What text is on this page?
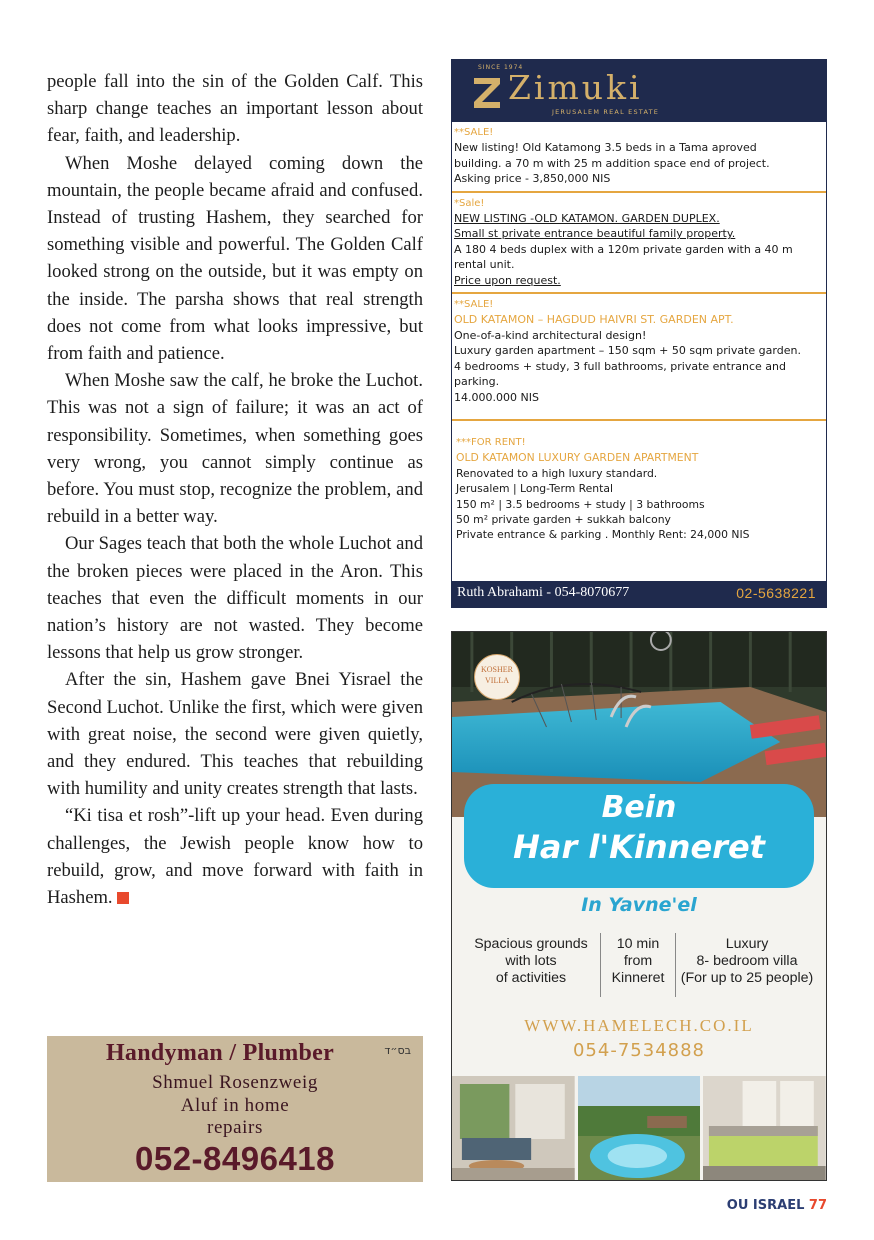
people fall into the sin of the Golden Calf. This sharp change teaches an important lesson about fear, faith, and leadership.

When Moshe delayed coming down the mountain, the people became afraid and confused. Instead of trusting Hashem, they searched for something visible and powerful. The Golden Calf looked strong on the outside, but it was empty on the inside. The parsha shows that real strength does not come from what looks impressive, but from faith and patience.

When Moshe saw the calf, he broke the Luchot. This was not a sign of failure; it was an act of responsibility. Sometimes, when something goes very wrong, you cannot simply continue as before. You must stop, recognize the problem, and rebuild in a better way.

Our Sages teach that both the whole Luchot and the broken pieces were placed in the Aron. This teaches that even the difficult moments in our nation’s history are not wasted. They become lessons that help us grow stronger.

After the sin, Hashem gave Bnei Yisrael the Second Luchot. Unlike the first, which were given with great noise, the second were given quietly, and they endured. This teaches that rebuilding with humility and unity creates strength that lasts.

“Ki tisa et rosh”-lift up your head. Even during challenges, the Jewish people know how to rebuild, grow, and move forward with faith in Hashem.

Handyman / Plumber	בס״ד
Shmuel Rosenzweig
Aluf in home
repairs
052-8496418
SINCE 1974
Zimuki
JERUSALEM REAL ESTATE
**SALE!
New listing! Old Katamong 3.5 beds in a Tama aproved
building. a 70 m with 25 m addition space end of project.
Asking price - 3,850,000 NIS
*Sale!
NEW LISTING -OLD KATAMON. GARDEN DUPLEX.
Small st private entrance beautiful family property.
A 180 4 beds duplex with a 120m private garden with a 40 m
rental unit.
Price upon request.
**SALE!
OLD KATAMON – HAGDUD HAIVRI ST. GARDEN APT.
One-of-a-kind architectural design!
Luxury garden apartment – 150 sqm + 50 sqm private garden.
4 bedrooms + study, 3 full bathrooms, private entrance and
parking.
14.000.000 NIS
***FOR RENT!
OLD KATAMON LUXURY GARDEN APARTMENT
Renovated to a high luxury standard.
Jerusalem | Long-Term Rental
150 m² | 3.5 bedrooms + study | 3 bathrooms
50 m² private garden + sukkah balcony
Private entrance & parking . Monthly Rent: 24,000 NIS
Ruth Abrahami - 054-8070677	02-5638221
KOSHER
VILLA
Bein
Har l'Kinneret
In Yavne'el
Spacious grounds
with lots
of activities
10 min
from
Kinneret
Luxury
8- bedroom villa
(For up to 25 people)
WWW.HAMELECH.CO.IL
054-7534888
OU ISRAEL 77
